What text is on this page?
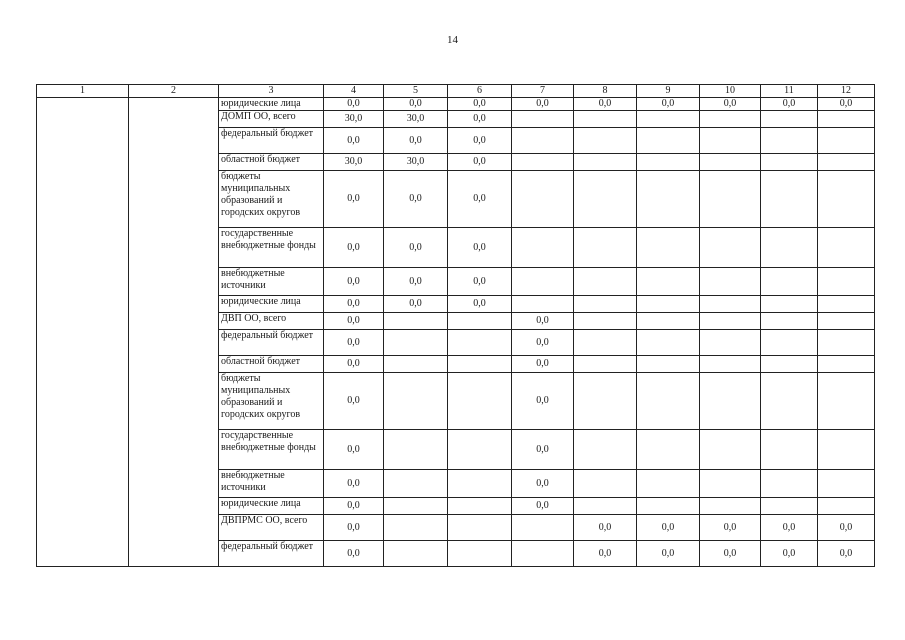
14
1	2	3	4	5	6	7	8	9	10	11	12
		юридические лица	0,0	0,0	0,0	0,0	0,0	0,0	0,0	0,0	0,0
		ДОМП ОО, всего	30,0	30,0	0,0						
		федеральный бюджет	0,0	0,0	0,0						
		областной бюджет	30,0	30,0	0,0						
		бюджеты муниципальных образований и городских округов	0,0	0,0	0,0						
		государственные внебюджетные фонды	0,0	0,0	0,0						
		внебюджетные источники	0,0	0,0	0,0						
		юридические лица	0,0	0,0	0,0						
		ДВП ОО, всего	0,0			0,0					
		федеральный бюджет	0,0			0,0					
		областной бюджет	0,0			0,0					
		бюджеты муниципальных образований и городских округов	0,0			0,0					
		государственные внебюджетные фонды	0,0			0,0					
		внебюджетные источники	0,0			0,0					
		юридические лица	0,0			0,0					
		ДВПРМС ОО, всего	0,0				0,0	0,0	0,0	0,0	0,0
		федеральный бюджет	0,0				0,0	0,0	0,0	0,0	0,0
